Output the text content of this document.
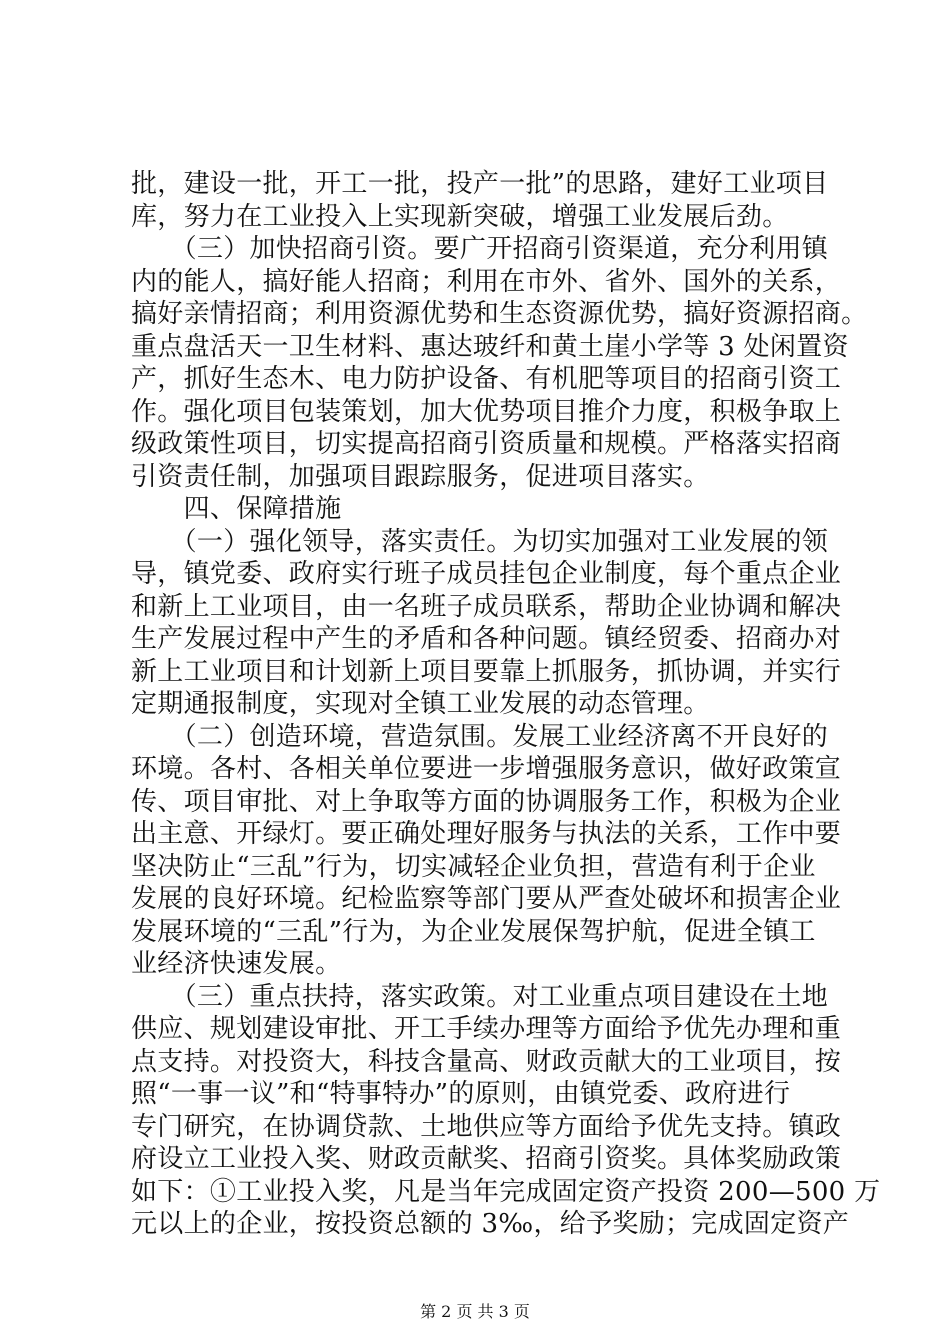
批，建设一批，开工一批，投产一批”的思路，建好工业项目
库，努力在工业投入上实现新突破，增强工业发展后劲。
　　（三）加快招商引资。要广开招商引资渠道，充分利用镇
内的能人，搞好能人招商；利用在市外、省外、国外的关系，
搞好亲情招商；利用资源优势和生态资源优势，搞好资源招商。
重点盘活天一卫生材料、惠达玻纤和黄土崖小学等 3 处闲置资
产，抓好生态木、电力防护设备、有机肥等项目的招商引资工
作。强化项目包装策划，加大优势项目推介力度，积极争取上
级政策性项目，切实提高招商引资质量和规模。严格落实招商
引资责任制，加强项目跟踪服务，促进项目落实。
　　四、保障措施
　　（一）强化领导，落实责任。为切实加强对工业发展的领
导，镇党委、政府实行班子成员挂包企业制度，每个重点企业
和新上工业项目，由一名班子成员联系，帮助企业协调和解决
生产发展过程中产生的矛盾和各种问题。镇经贸委、招商办对
新上工业项目和计划新上项目要靠上抓服务，抓协调，并实行
定期通报制度，实现对全镇工业发展的动态管理。
　　（二）创造环境，营造氛围。发展工业经济离不开良好的
环境。各村、各相关单位要进一步增强服务意识，做好政策宣
传、项目审批、对上争取等方面的协调服务工作，积极为企业
出主意、开绿灯。要正确处理好服务与执法的关系，工作中要
坚决防止“三乱”行为，切实减轻企业负担，营造有利于企业
发展的良好环境。纪检监察等部门要从严查处破坏和损害企业
发展环境的“三乱”行为，为企业发展保驾护航，促进全镇工
业经济快速发展。
　　（三）重点扶持，落实政策。对工业重点项目建设在土地
供应、规划建设审批、开工手续办理等方面给予优先办理和重
点支持。对投资大，科技含量高、财政贡献大的工业项目，按
照“一事一议”和“特事特办”的原则，由镇党委、政府进行
专门研究，在协调贷款、土地供应等方面给予优先支持。镇政
府设立工业投入奖、财政贡献奖、招商引资奖。具体奖励政策
如下：①工业投入奖，凡是当年完成固定资产投资 200—500 万
元以上的企业，按投资总额的 3‰，给予奖励；完成固定资产
第 2 页 共 3 页
